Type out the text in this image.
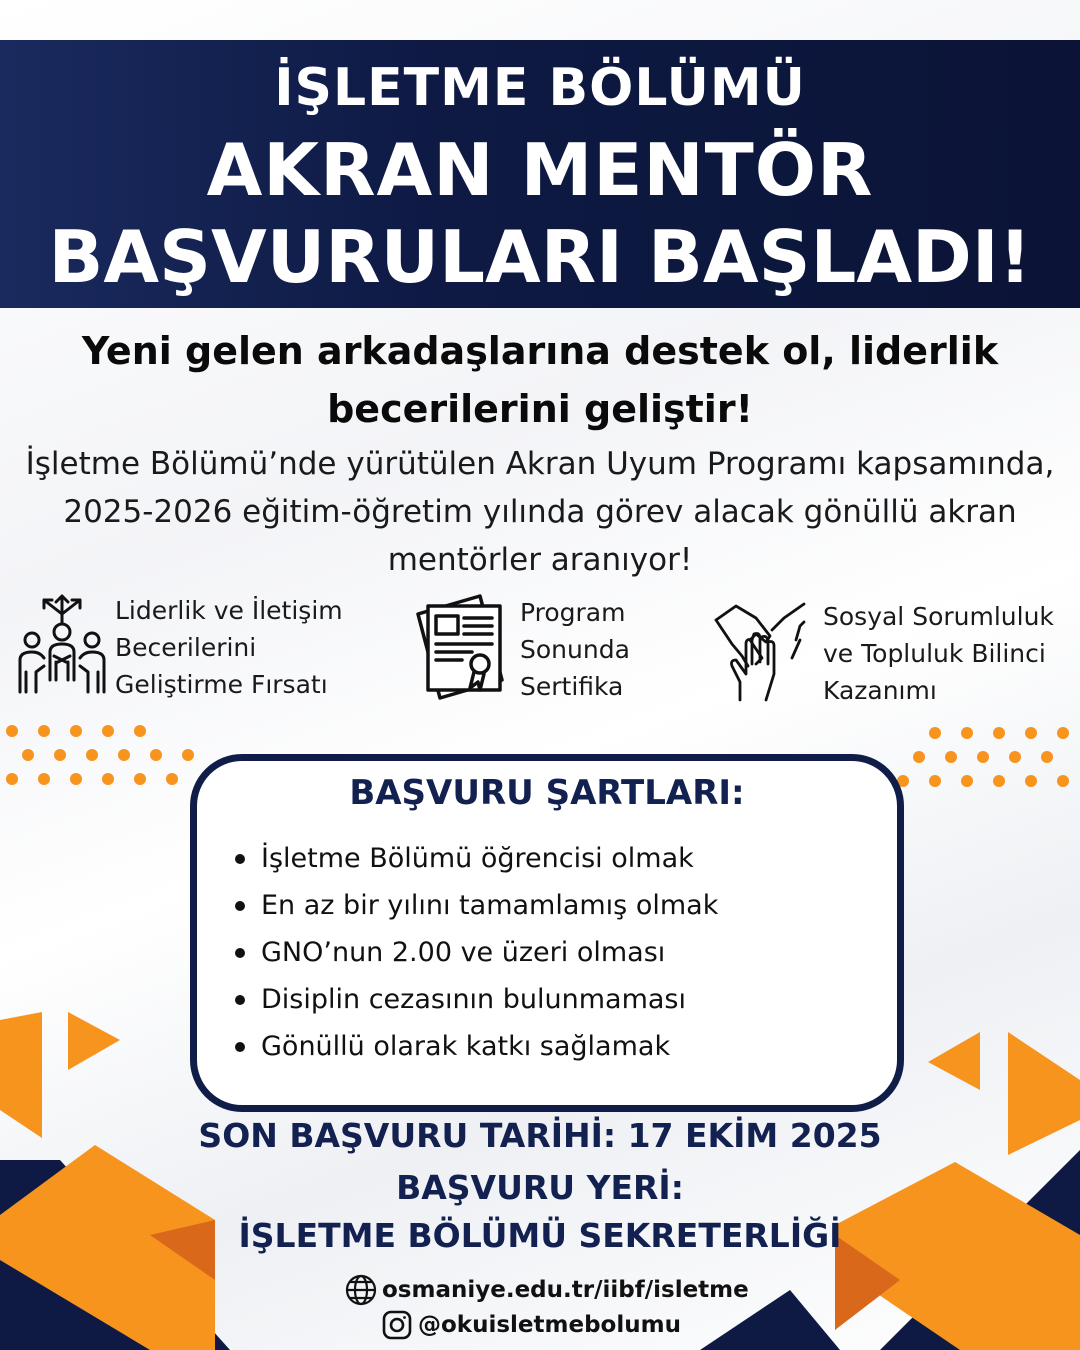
İŞLETME BÖLÜMÜ
AKRAN MENTÖR
BAŞVURULARI BAŞLADI!
Yeni gelen arkadaşlarına destek ol, liderlik becerilerini geliştir!
İşletme Bölümü’nde yürütülen Akran Uyum Programı kapsamında, 2025-2026 eğitim-öğretim yılında görev alacak gönüllü akran mentörler aranıyor!
Liderlik ve İletişim
Becerilerini
Geliştirme Fırsatı
Program
Sonunda
Sertifika
Sosyal Sorumluluk
ve Topluluk Bilinci
Kazanımı
BAŞVURU ŞARTLARI:
İşletme Bölümü öğrencisi olmak
En az bir yılını tamamlamış olmak
GNO’nun 2.00 ve üzeri olması
Disiplin cezasının bulunmaması
Gönüllü olarak katkı sağlamak
SON BAŞVURU TARİHİ: 17 EKİM 2025
BAŞVURU YERİ:
İŞLETME BÖLÜMÜ SEKRETERLİĞİ
osmaniye.edu.tr/iibf/isletme
@okuisletmebolumu
